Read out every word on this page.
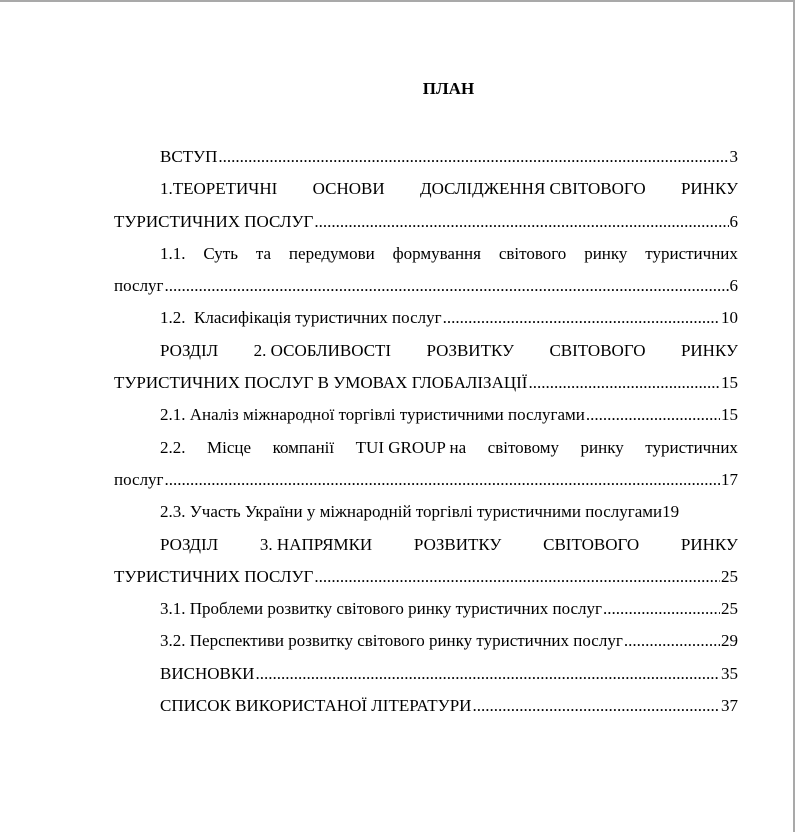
ПЛАН
ВСТУП .....	3
1.ТЕОРЕТИЧНІ ОСНОВИ ДОСЛІДЖЕННЯ СВІТОВОГО РИНКУ
ТУРИСТИЧНИХ ПОСЛУГ .....	6
1.1. Суть та передумови формування світового ринку туристичних
послуг .....	6
1.2.  Класифікація туристичних послуг .....	10
РОЗДІЛ 2. ОСОБЛИВОСТІ РОЗВИТКУ СВІТОВОГО РИНКУ
ТУРИСТИЧНИХ ПОСЛУГ В УМОВАХ ГЛОБАЛІЗАЦІЇ .....	15
2.1. Аналіз міжнародної торгівлі туристичними послугами .....	15
2.2. Місце компанії TUI GROUP на світовому ринку туристичних
послуг .....	17
2.3. Участь України у міжнародній торгівлі туристичними послугами 19
РОЗДІЛ 3. НАПРЯМКИ РОЗВИТКУ СВІТОВОГО РИНКУ
ТУРИСТИЧНИХ ПОСЛУГ .....	25
3.1. Проблеми розвитку світового ринку туристичних послуг .....	25
3.2. Перспективи розвитку світового ринку туристичних послуг .....	29
ВИСНОВКИ .....	35
СПИСОК ВИКОРИСТАНОЇ ЛІТЕРАТУРИ .....	37
